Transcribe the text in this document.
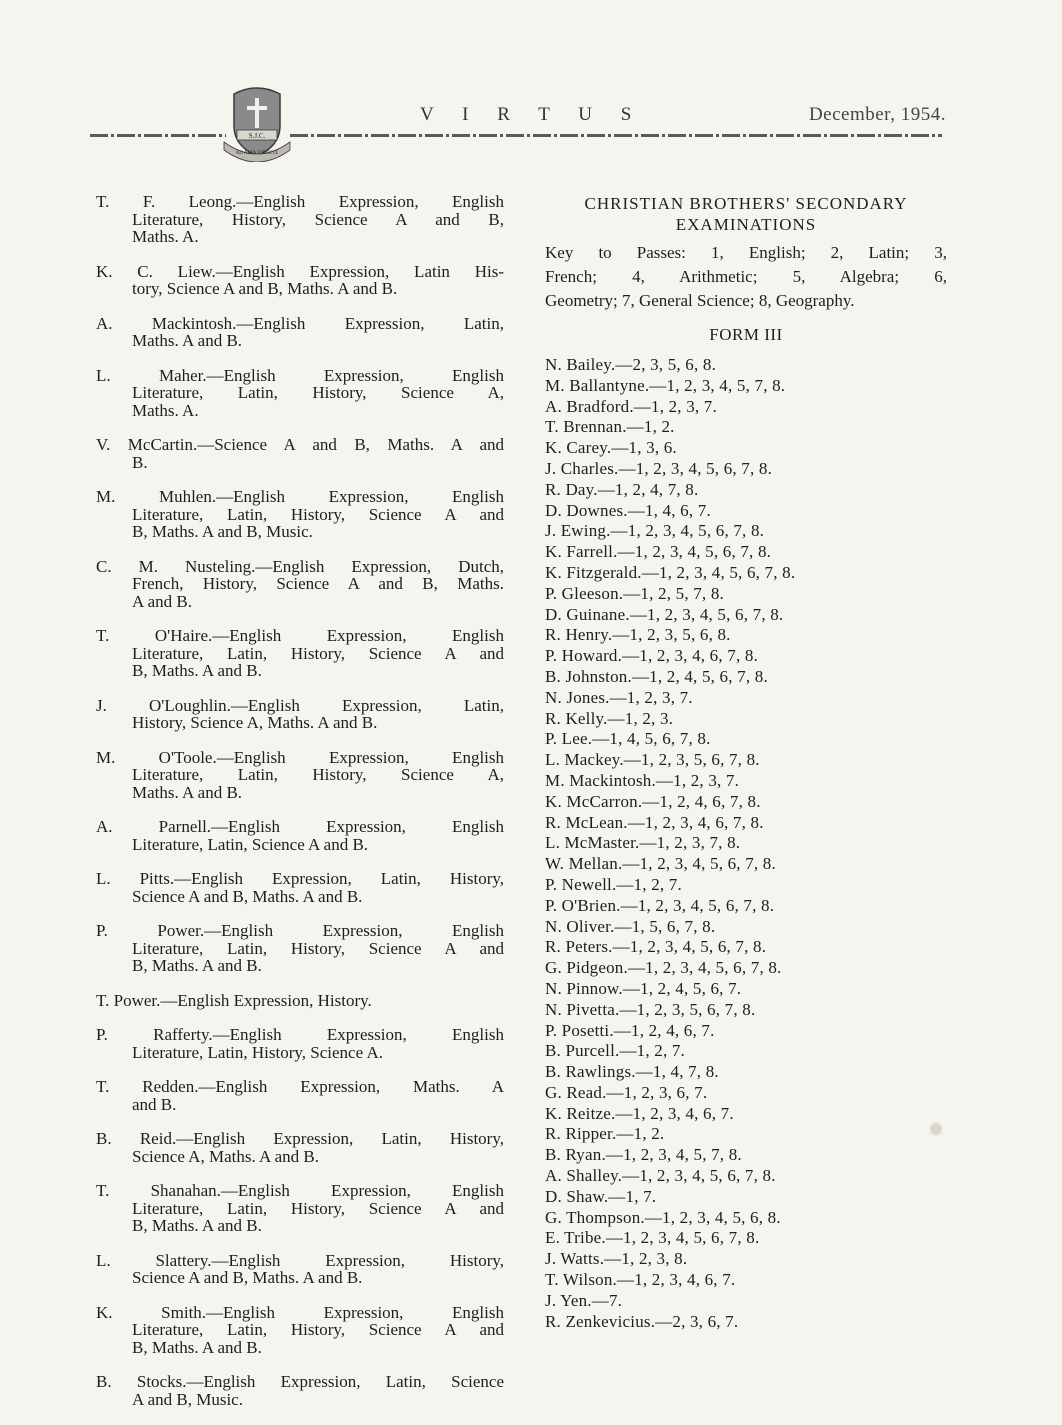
S.J.C.
AD ALTA VIRTUTE
V I R T U S	December, 1954.
T. F. Leong.—English Expression, English
Literature, History, Science A and B,
Maths. A.
K. C. Liew.—English Expression, Latin His-
tory, Science A and B, Maths. A and B.
A. Mackintosh.—English Expression, Latin,
Maths. A and B.
L. Maher.—English Expression, English
Literature, Latin, History, Science A,
Maths. A.
V. McCartin.—Science A and B, Maths. A and
B.
M. Muhlen.—English Expression, English
Literature, Latin, History, Science A and
B, Maths. A and B, Music.
C. M. Nusteling.—English Expression, Dutch,
French, History, Science A and B, Maths.
A and B.
T. O'Haire.—English Expression, English
Literature, Latin, History, Science A and
B, Maths. A and B.
J. O'Loughlin.—English Expression, Latin,
History, Science A, Maths. A and B.
M. O'Toole.—English Expression, English
Literature, Latin, History, Science A,
Maths. A and B.
A. Parnell.—English Expression, English
Literature, Latin, Science A and B.
L. Pitts.—English Expression, Latin, History,
Science A and B, Maths. A and B.
P. Power.—English Expression, English
Literature, Latin, History, Science A and
B, Maths. A and B.
T. Power.—English Expression, History.
P. Rafferty.—English Expression, English
Literature, Latin, History, Science A.
T. Redden.—English Expression, Maths. A
and B.
B. Reid.—English Expression, Latin, History,
Science A, Maths. A and B.
T. Shanahan.—English Expression, English
Literature, Latin, History, Science A and
B, Maths. A and B.
L. Slattery.—English Expression, History,
Science A and B, Maths. A and B.
K. Smith.—English Expression, English
Literature, Latin, History, Science A and
B, Maths. A and B.
B. Stocks.—English Expression, Latin, Science
A and B, Music.
CHRISTIAN BROTHERS' SECONDARY
EXAMINATIONS
Key to Passes: 1, English; 2, Latin; 3,
French; 4, Arithmetic; 5, Algebra; 6,
Geometry; 7, General Science; 8, Geography.
FORM III
N. Bailey.—2, 3, 5, 6, 8.
M. Ballantyne.—1, 2, 3, 4, 5, 7, 8.
A. Bradford.—1, 2, 3, 7.
T. Brennan.—1, 2.
K. Carey.—1, 3, 6.
J. Charles.—1, 2, 3, 4, 5, 6, 7, 8.
R. Day.—1, 2, 4, 7, 8.
D. Downes.—1, 4, 6, 7.
J. Ewing.—1, 2, 3, 4, 5, 6, 7, 8.
K. Farrell.—1, 2, 3, 4, 5, 6, 7, 8.
K. Fitzgerald.—1, 2, 3, 4, 5, 6, 7, 8.
P. Gleeson.—1, 2, 5, 7, 8.
D. Guinane.—1, 2, 3, 4, 5, 6, 7, 8.
R. Henry.—1, 2, 3, 5, 6, 8.
P. Howard.—1, 2, 3, 4, 6, 7, 8.
B. Johnston.—1, 2, 4, 5, 6, 7, 8.
N. Jones.—1, 2, 3, 7.
R. Kelly.—1, 2, 3.
P. Lee.—1, 4, 5, 6, 7, 8.
L. Mackey.—1, 2, 3, 5, 6, 7, 8.
M. Mackintosh.—1, 2, 3, 7.
K. McCarron.—1, 2, 4, 6, 7, 8.
R. McLean.—1, 2, 3, 4, 6, 7, 8.
L. McMaster.—1, 2, 3, 7, 8.
W. Mellan.—1, 2, 3, 4, 5, 6, 7, 8.
P. Newell.—1, 2, 7.
P. O'Brien.—1, 2, 3, 4, 5, 6, 7, 8.
N. Oliver.—1, 5, 6, 7, 8.
R. Peters.—1, 2, 3, 4, 5, 6, 7, 8.
G. Pidgeon.—1, 2, 3, 4, 5, 6, 7, 8.
N. Pinnow.—1, 2, 4, 5, 6, 7.
N. Pivetta.—1, 2, 3, 5, 6, 7, 8.
P. Posetti.—1, 2, 4, 6, 7.
B. Purcell.—1, 2, 7.
B. Rawlings.—1, 4, 7, 8.
G. Read.—1, 2, 3, 6, 7.
K. Reitze.—1, 2, 3, 4, 6, 7.
R. Ripper.—1, 2.
B. Ryan.—1, 2, 3, 4, 5, 7, 8.
A. Shalley.—1, 2, 3, 4, 5, 6, 7, 8.
D. Shaw.—1, 7.
G. Thompson.—1, 2, 3, 4, 5, 6, 8.
E. Tribe.—1, 2, 3, 4, 5, 6, 7, 8.
J. Watts.—1, 2, 3, 8.
T. Wilson.—1, 2, 3, 4, 6, 7.
J. Yen.—7.
R. Zenkevicius.—2, 3, 6, 7.
